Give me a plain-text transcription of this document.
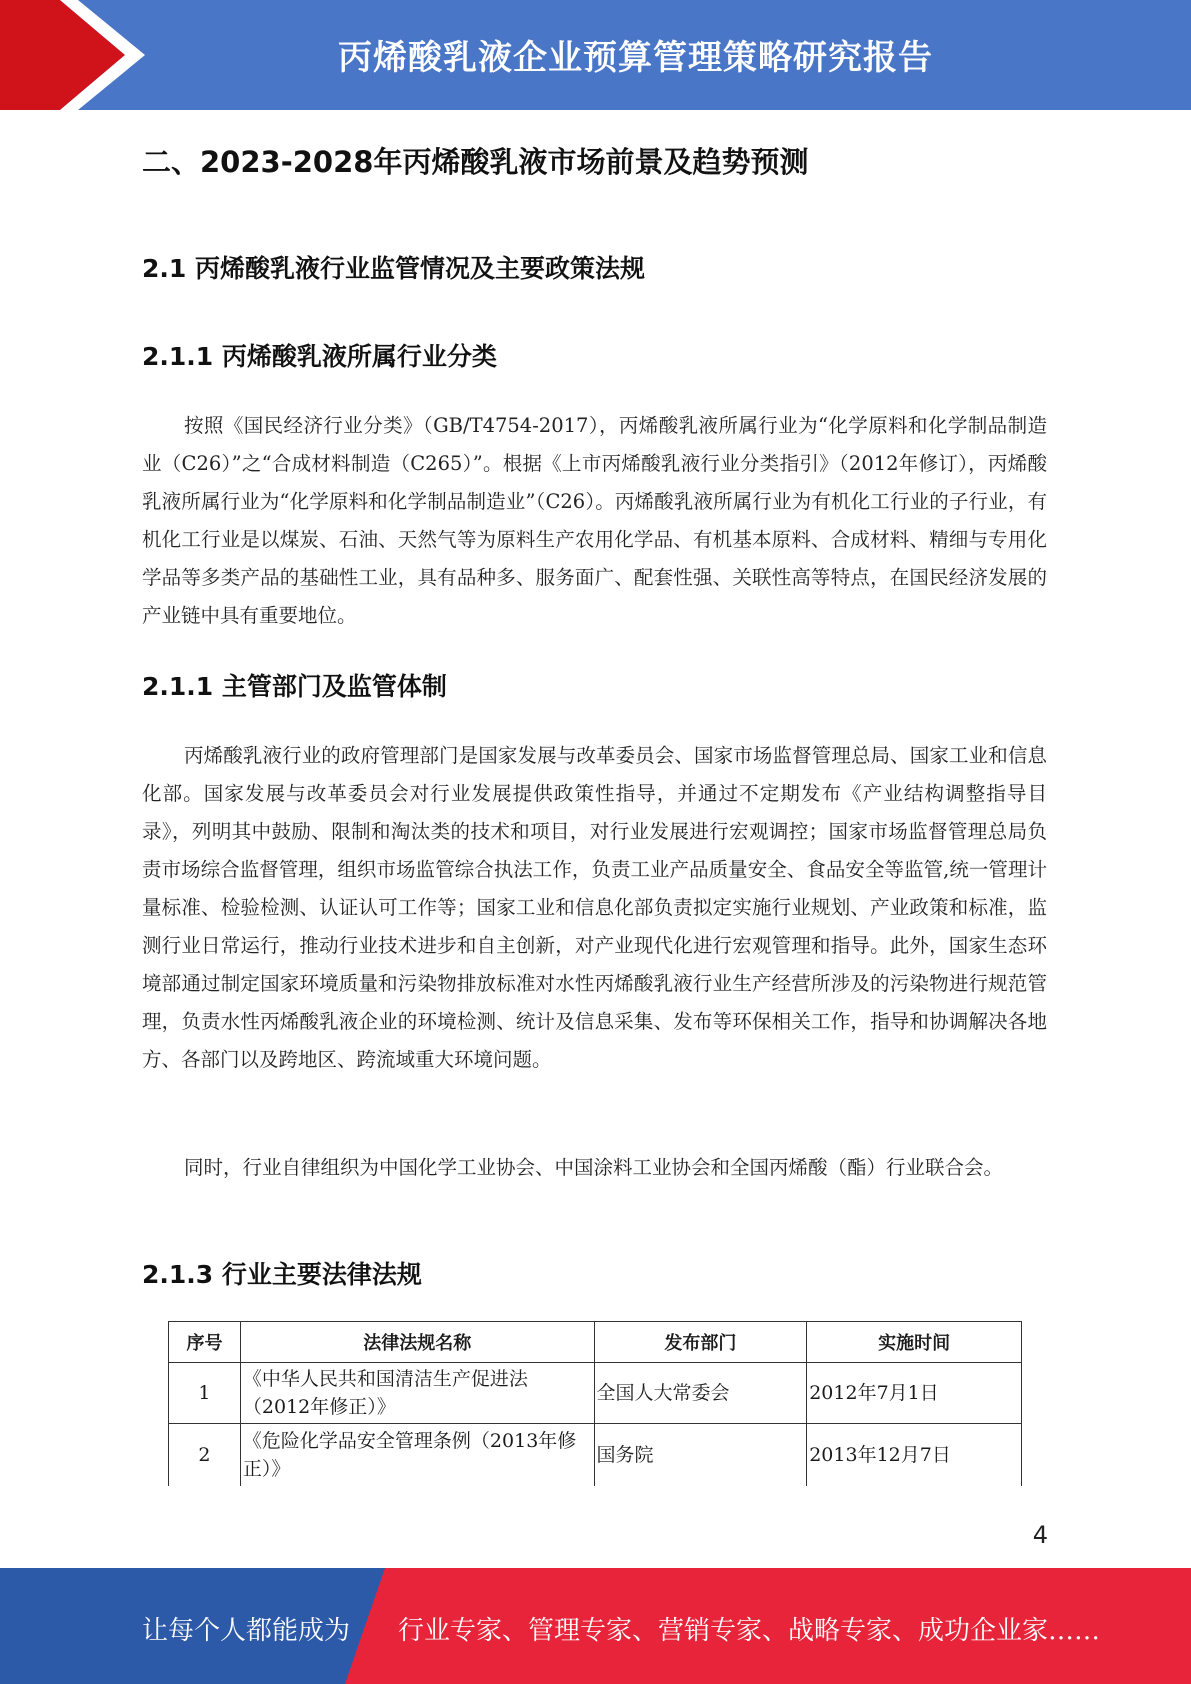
丙烯酸乳液企业预算管理策略研究报告
二、2023-2028年丙烯酸乳液市场前景及趋势预测
2.1 丙烯酸乳液行业监管情况及主要政策法规
2.1.1 丙烯酸乳液所属行业分类

按照《国民经济行业分类》（GB/T4754-2017），丙烯酸乳液所属行业为“化学原料和化学制品制造业（C26）”之“合成材料制造（C265）”。根据《上市丙烯酸乳液行业分类指引》（2012年修订），丙烯酸乳液所属行业为“化学原料和化学制品制造业”（C26）。丙烯酸乳液所属行业为有机化工行业的子行业，有机化工行业是以煤炭、石油、天然气等为原料生产农用化学品、有机基本原料、合成材料、精细与专用化学品等多类产品的基础性工业，具有品种多、服务面广、配套性强、关联性高等特点，在国民经济发展的产业链中具有重要地位。

2.1.1 主管部门及监管体制

丙烯酸乳液行业的政府管理部门是国家发展与改革委员会、国家市场监督管理总局、国家工业和信息化部。国家发展与改革委员会对行业发展提供政策性指导，并通过不定期发布《产业结构调整指导目录》，列明其中鼓励、限制和淘汰类的技术和项目，对行业发展进行宏观调控；国家市场监督管理总局负责市场综合监督管理，组织市场监管综合执法工作，负责工业产品质量安全、食品安全等监管,统一管理计量标准、检验检测、认证认可工作等；国家工业和信息化部负责拟定实施行业规划、产业政策和标准，监测行业日常运行，推动行业技术进步和自主创新，对产业现代化进行宏观管理和指导。此外，国家生态环境部通过制定国家环境质量和污染物排放标准对水性丙烯酸乳液行业生产经营所涉及的污染物进行规范管理，负责水性丙烯酸乳液企业的环境检测、统计及信息采集、发布等环保相关工作，指导和协调解决各地方、各部门以及跨地区、跨流域重大环境问题。

同时，行业自律组织为中国化学工业协会、中国涂料工业协会和全国丙烯酸（酯）行业联合会。

2.1.3 行业主要法律法规
序号	法律法规名称	发布部门	实施时间
1	《中华人民共和国清洁生产促进法（2012年修正）》	全国人大常委会	2012年7月1日
2	《危险化学品安全管理条例（2013年修正）》	国务院	2013年12月7日
4
让每个人都能成为 行业专家、管理专家、营销专家、战略专家、成功企业家……
